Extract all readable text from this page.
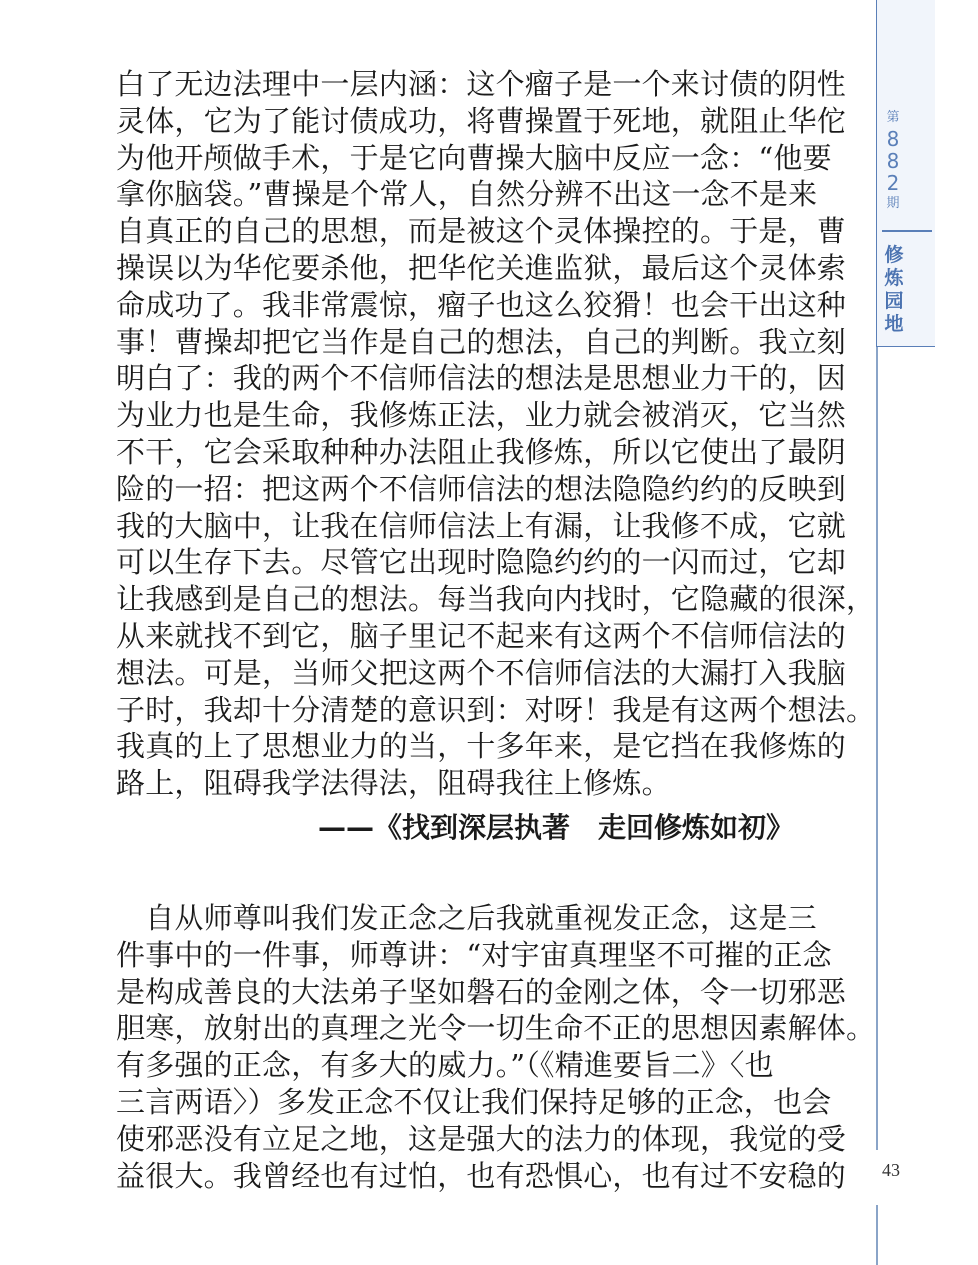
白了无边法理中一层内涵：这个瘤子是一个来讨债的阴性
灵体，它为了能讨债成功，将曹操置于死地，就阻止华佗
为他开颅做手术，于是它向曹操大脑中反应一念：“他要
拿你脑袋。”曹操是个常人，自然分辨不出这一念不是来
自真正的自己的思想，而是被这个灵体操控的。于是，曹
操误以为华佗要杀他，把华佗关進监狱，最后这个灵体索
命成功了。我非常震惊，瘤子也这么狡猾！也会干出这种
事！曹操却把它当作是自己的想法，自己的判断。我立刻
明白了：我的两个不信师信法的想法是思想业力干的，因
为业力也是生命，我修炼正法，业力就会被消灭，它当然
不干，它会采取种种办法阻止我修炼，所以它使出了最阴
险的一招：把这两个不信师信法的想法隐隐约约的反映到
我的大脑中，让我在信师信法上有漏，让我修不成，它就
可以生存下去。尽管它出现时隐隐约约的一闪而过，它却
让我感到是自己的想法。每当我向内找时，它隐藏的很深，
从来就找不到它，脑子里记不起来有这两个不信师信法的
想法。可是，当师父把这两个不信师信法的大漏打入我脑
子时，我却十分清楚的意识到：对呀！我是有这两个想法。
我真的上了思想业力的当，十多年来，是它挡在我修炼的
路上，阻碍我学法得法，阻碍我往上修炼。
——《找到深层执著　走回修炼如初》
　自从师尊叫我们发正念之后我就重视发正念，这是三
件事中的一件事，师尊讲：“对宇宙真理坚不可摧的正念
是构成善良的大法弟子坚如磐石的金刚之体，令一切邪恶
胆寒，放射出的真理之光令一切生命不正的思想因素解体。
有多强的正念，有多大的威力。”（《精進要旨二》〈也
三言两语〉）多发正念不仅让我们保持足够的正念，也会
使邪恶没有立足之地，这是强大的法力的体现，我觉的受
益很大。我曾经也有过怕，也有恐惧心，也有过不安稳的
第
8
8
2
期
修
炼
园
地
43
